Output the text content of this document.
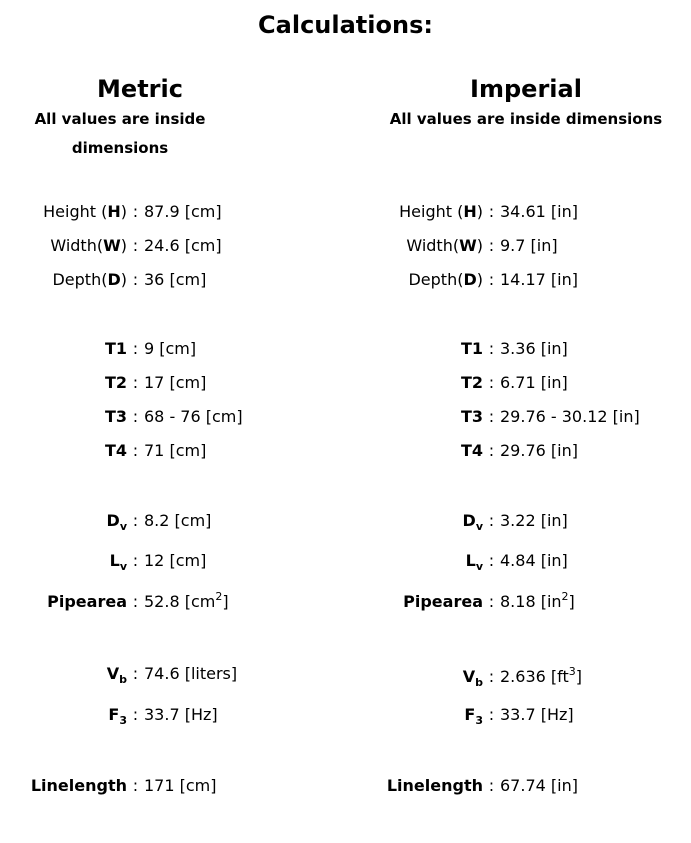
Calculations:
Metric
All values are inside dimensions
Height (H) : 87.9 [cm]
Width(W) : 24.6 [cm]
Depth(D) : 36 [cm]
T1 : 9 [cm]
T2 : 17 [cm]
T3 : 68 - 76 [cm]
T4 : 71 [cm]
$D_v$ : 8.2 [cm]
$L_v$ : 12 [cm]
Pipearea : 52.8 $[cm^2]$
$V_b$ : 74.6 [liters]
$F_3$ : 33.7 [Hz]
Linelength : 171 [cm]
Imperial
All values are inside dimensions
Height (H) : 34.61 [in]
Width(W) : 9.7 [in]
Depth(D) : 14.17 [in]
T1 : 3.36 [in]
T2 : 6.71 [in]
T3 : 29.76 - 30.12 [in]
T4 : 29.76 [in]
$D_v$ : 3.22 [in]
$L_v$ : 4.84 [in]
Pipearea : 8.18 $[in^2]$
$V_b$ : 2.636 $[ft^3]$
$F_3$ : 33.7 [Hz]
Linelength : 67.74 [in]
